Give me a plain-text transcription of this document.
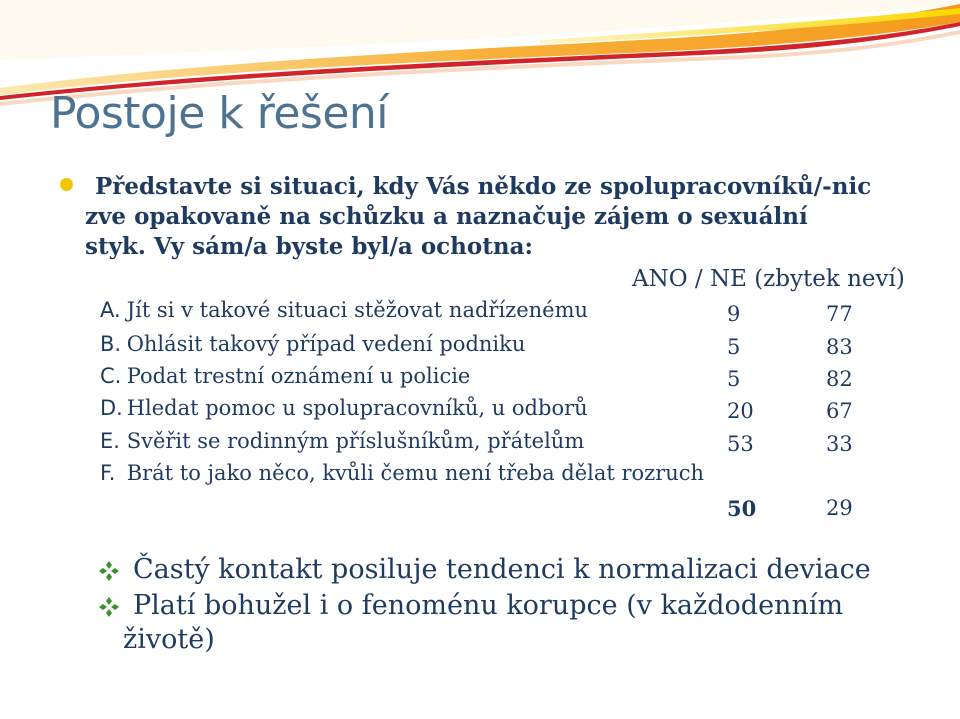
Postoje k řešení
Představte si situaci, kdy Vás někdo ze spolupracovníků/-nic
zve opakovaně na schůzku a naznačuje zájem o sexuální
styk. Vy sám/a byste byl/a ochotna:
ANO / NE (zbytek neví)
A. Jít si v takové situaci stěžovat nadřízenému	9	77
B. Ohlásit takový případ vedení podniku	5	83
C. Podat trestní oznámení u policie	5	82
D. Hledat pomoc u spolupracovníků, u odborů	20	67
E. Svěřit se rodinným příslušníkům, přátelům	53	33
F. Brát to jako něco, kvůli čemu není třeba dělat rozruch
50	29
Častý kontakt posiluje tendenci k normalizaci deviace
Platí bohužel i o fenoménu korupce (v každodenním
životě)
